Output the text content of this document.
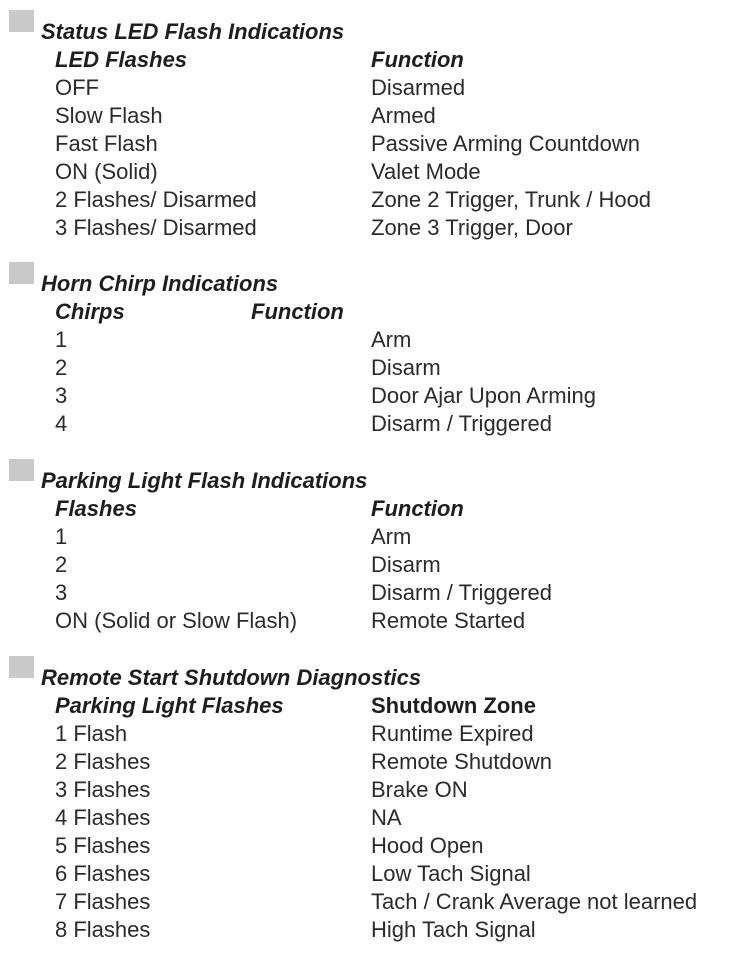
Status LED Flash Indications
LED Flashes	Function
OFF	Disarmed
Slow Flash	Armed
Fast Flash	Passive Arming Countdown
ON (Solid)	Valet Mode
2 Flashes/ Disarmed	Zone 2 Trigger, Trunk / Hood
3 Flashes/ Disarmed	Zone 3 Trigger, Door
Horn Chirp Indications
Chirps	Function
1	Arm
2	Disarm
3	Door Ajar Upon Arming
4	Disarm / Triggered
Parking Light Flash Indications
Flashes	Function
1	Arm
2	Disarm
3	Disarm / Triggered
ON (Solid or Slow Flash)	Remote Started
Remote Start Shutdown Diagnostics
Parking Light Flashes	Shutdown Zone
1 Flash	Runtime Expired
2 Flashes	Remote Shutdown
3 Flashes	Brake ON
4 Flashes	NA
5 Flashes	Hood Open
6 Flashes	Low Tach Signal
7 Flashes	Tach / Crank Average not learned
8 Flashes	High Tach Signal
